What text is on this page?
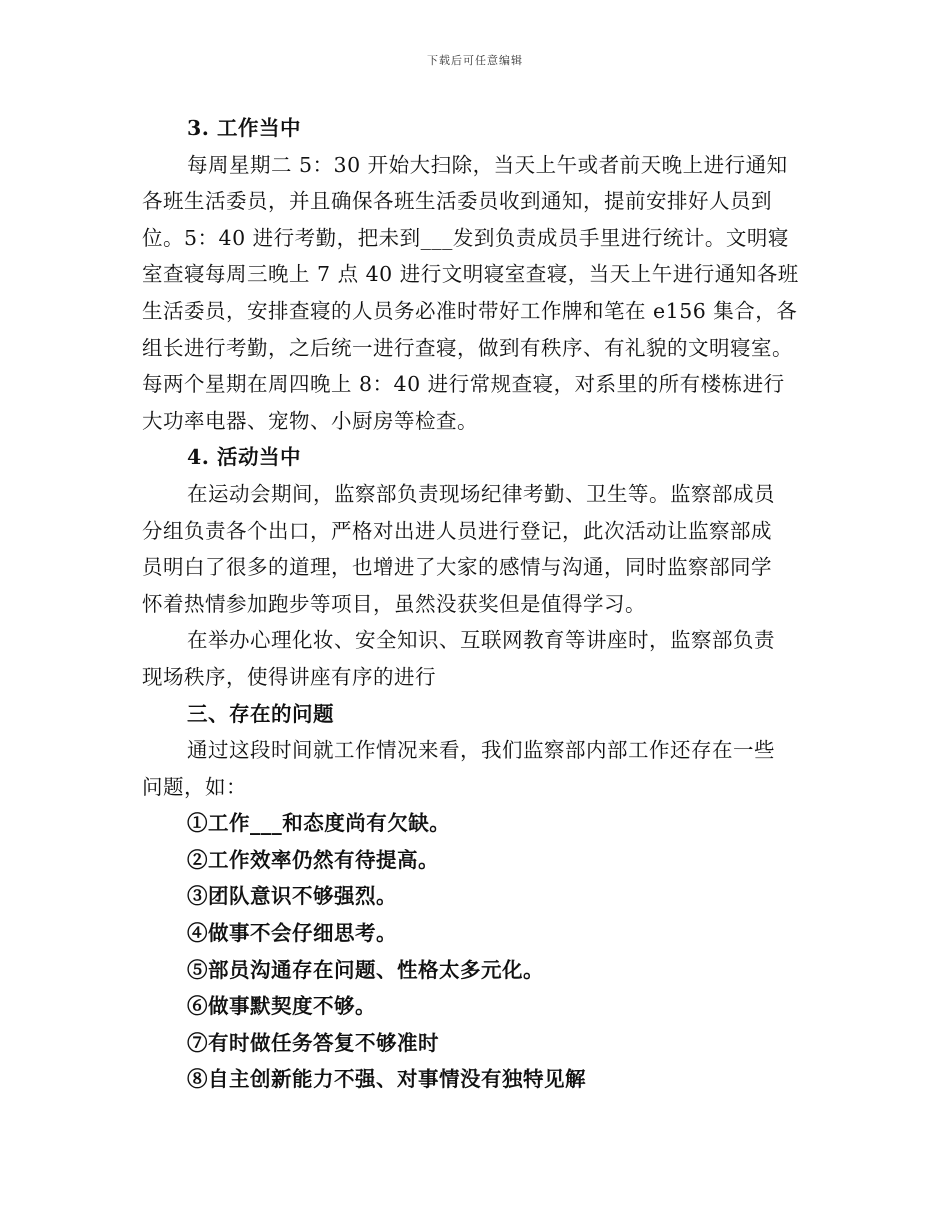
下载后可任意编辑
3. 工作当中
每周星期二 5：30 开始大扫除，当天上午或者前天晚上进行通知
各班生活委员，并且确保各班生活委员收到通知，提前安排好人员到
位。5：40 进行考勤，把未到___发到负责成员手里进行统计。文明寝
室查寝每周三晚上 7 点 40 进行文明寝室查寝，当天上午进行通知各班
生活委员，安排查寝的人员务必准时带好工作牌和笔在 e156 集合，各
组长进行考勤，之后统一进行查寝，做到有秩序、有礼貌的文明寝室。
每两个星期在周四晚上 8：40 进行常规查寝，对系里的所有楼栋进行
大功率电器、宠物、小厨房等检查。
4. 活动当中
在运动会期间，监察部负责现场纪律考勤、卫生等。监察部成员
分组负责各个出口，严格对出进人员进行登记，此次活动让监察部成
员明白了很多的道理，也增进了大家的感情与沟通，同时监察部同学
怀着热情参加跑步等项目，虽然没获奖但是值得学习。
在举办心理化妆、安全知识、互联网教育等讲座时，监察部负责
现场秩序，使得讲座有序的进行
三、存在的问题
通过这段时间就工作情况来看，我们监察部内部工作还存在一些
问题，如：
①工作___和态度尚有欠缺。
②工作效率仍然有待提高。
③团队意识不够强烈。
④做事不会仔细思考。
⑤部员沟通存在问题、性格太多元化。
⑥做事默契度不够。
⑦有时做任务答复不够准时
⑧自主创新能力不强、对事情没有独特见解
